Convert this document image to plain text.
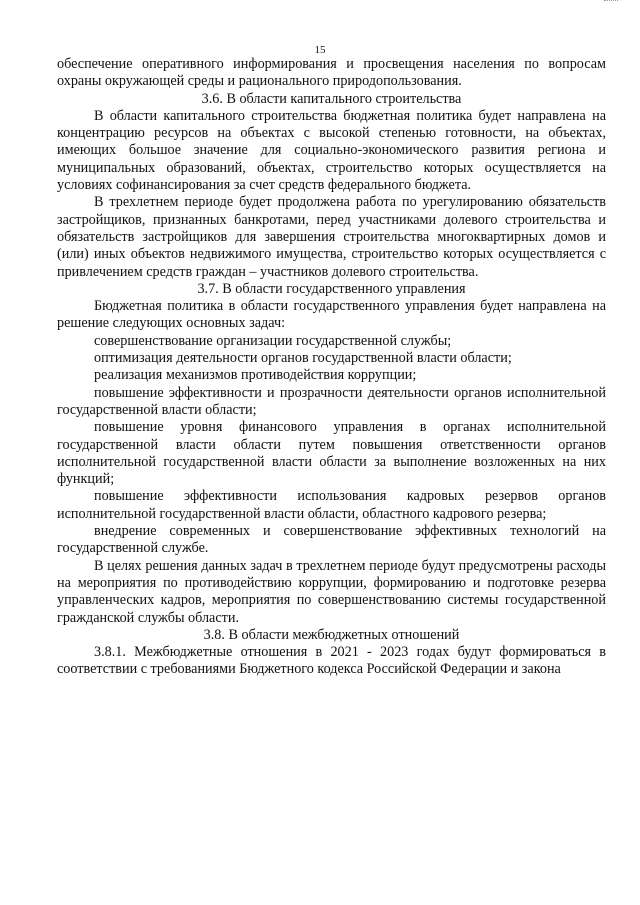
15

обеспечение оперативного информирования и просвещения населения по вопросам охраны окружающей среды и рационального природопользования.

3.6. В области капитального строительства

В области капитального строительства бюджетная политика будет направлена на концентрацию ресурсов на объектах с высокой степенью готовности, на объектах, имеющих большое значение для социально-экономического развития региона и муниципальных образований, объектах, строительство которых осуществляется на условиях софинансирования за счет средств федерального бюджета.

В трехлетнем периоде будет продолжена работа по урегулированию обязательств застройщиков, признанных банкротами, перед участниками долевого строительства и обязательств застройщиков для завершения строительства многоквартирных домов и (или) иных объектов недвижимого имущества, строительство которых осуществляется с привлечением средств граждан – участников долевого строительства.

3.7. В области государственного управления

Бюджетная политика в области государственного управления будет направлена на решение следующих основных задач:

совершенствование организации государственной службы;

оптимизация деятельности органов государственной власти области;

реализация механизмов противодействия коррупции;

повышение эффективности и прозрачности деятельности органов исполнительной государственной власти области;

повышение уровня финансового управления в органах исполнительной государственной власти области путем повышения ответственности органов исполнительной государственной власти области за выполнение возложенных на них функций;

повышение эффективности использования кадровых резервов органов исполнительной государственной власти области, областного кадрового резерва;

внедрение современных и совершенствование эффективных технологий на государственной службе.

В целях решения данных задач в трехлетнем периоде будут предусмотрены расходы на мероприятия по противодействию коррупции, формированию и подготовке резерва управленческих кадров, мероприятия по совершенствованию системы государственной гражданской службы области.

3.8. В области межбюджетных отношений

3.8.1. Межбюджетные отношения в 2021 - 2023 годах будут формироваться в соответствии с требованиями Бюджетного кодекса Российской Федерации и закона
